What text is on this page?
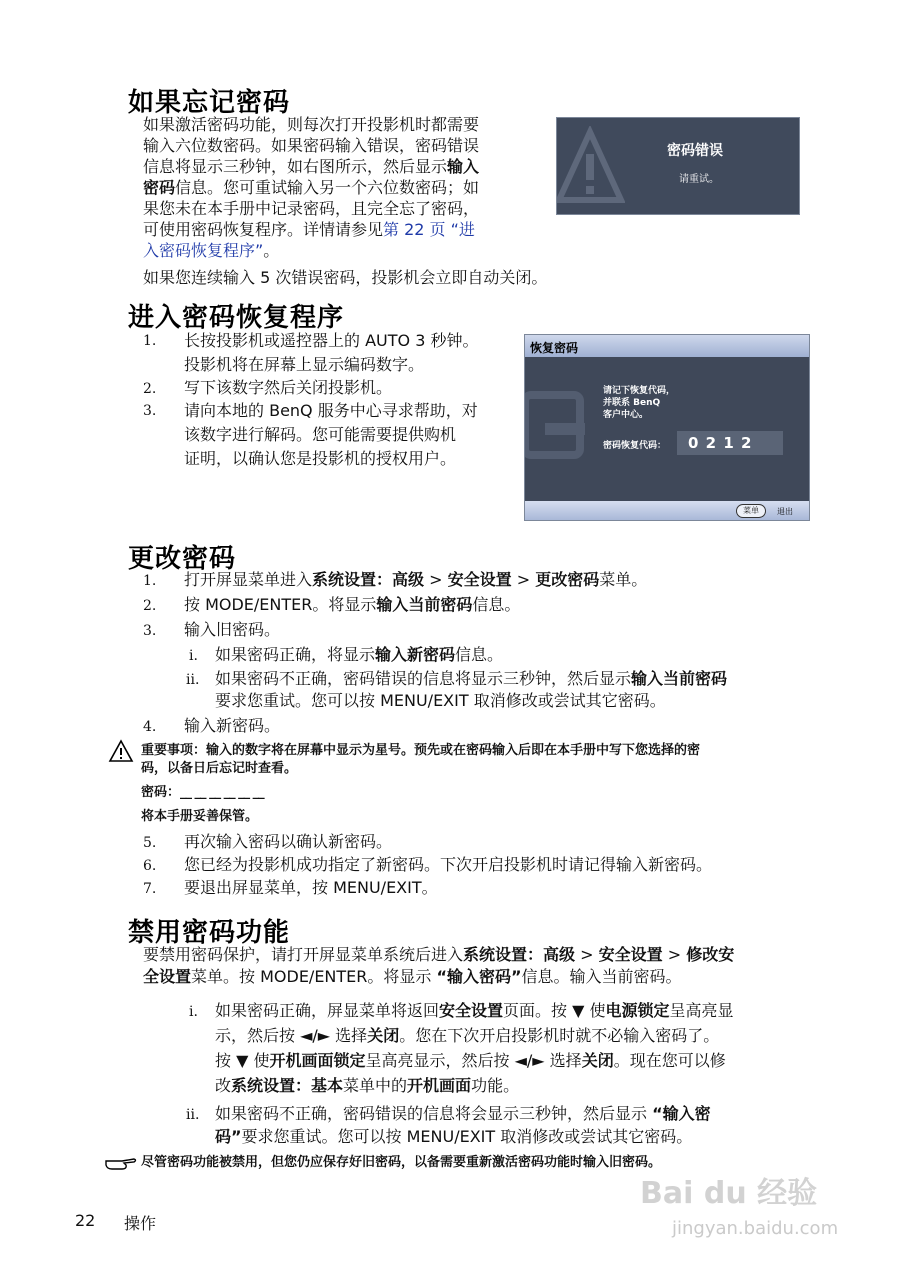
如果忘记密码
如果激活密码功能，则每次打开投影机时都需要
输入六位数密码。如果密码输入错误，密码错误
信息将显示三秒钟，如右图所示，然后显示输入
密码信息。您可重试输入另一个六位数密码；如
果您未在本手册中记录密码，且完全忘了密码，
可使用密码恢复程序。详情请参见第 22 页 “进
入密码恢复程序”。
如果您连续输入 5 次错误密码，投影机会立即自动关闭。
密码错误
请重试。
进入密码恢复程序
1. 长按投影机或遥控器上的 AUTO 3 秒钟。
投影机将在屏幕上显示编码数字。
2. 写下该数字然后关闭投影机。
3. 请向本地的 BenQ 服务中心寻求帮助，对
该数字进行解码。您可能需要提供购机
证明，以确认您是投影机的授权用户。
恢复密码
请记下恢复代码，
并联系 BenQ
客户中心。
密码恢复代码： 0 2 1 2
菜单	退出
更改密码
1. 打开屏显菜单进入系统设置：高级 > 安全设置 > 更改密码菜单。
2. 按 MODE/ENTER。将显示输入当前密码信息。
3. 输入旧密码。
i. 如果密码正确，将显示输入新密码信息。
ii. 如果密码不正确，密码错误的信息将显示三秒钟，然后显示输入当前密码
要求您重试。您可以按 MENU/EXIT 取消修改或尝试其它密码。
4. 输入新密码。
重要事项：输入的数字将在屏幕中显示为星号。预先或在密码输入后即在本手册中写下您选择的密
码，以备日后忘记时查看。
密码：__ __ __ __ __ __
将本手册妥善保管。
5. 再次输入密码以确认新密码。
6. 您已经为投影机成功指定了新密码。下次开启投影机时请记得输入新密码。
7. 要退出屏显菜单，按 MENU/EXIT。
禁用密码功能
要禁用密码保护，请打开屏显菜单系统后进入系统设置：高级 > 安全设置 > 修改安
全设置菜单。按 MODE/ENTER。将显示 “输入密码”信息。输入当前密码。
i. 如果密码正确，屏显菜单将返回安全设置页面。按 ▼ 使电源锁定呈高亮显
示，然后按 ◄/► 选择关闭。您在下次开启投影机时就不必输入密码了。
按 ▼ 使开机画面锁定呈高亮显示，然后按 ◄/► 选择关闭。现在您可以修
改系统设置：基本菜单中的开机画面功能。
ii. 如果密码不正确，密码错误的信息将会显示三秒钟，然后显示 “输入密
码”要求您重试。您可以按 MENU/EXIT 取消修改或尝试其它密码。
尽管密码功能被禁用，但您仍应保存好旧密码，以备需要重新激活密码功能时输入旧密码。
22 操作
Bai du 经验
jingyan.baidu.com
